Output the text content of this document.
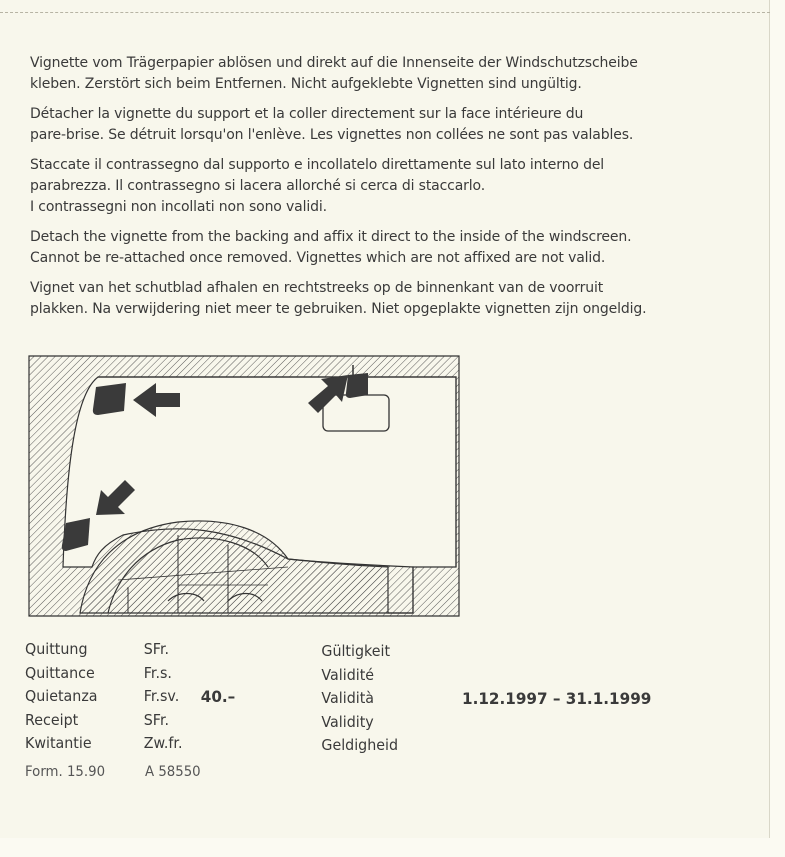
Vignette vom Trägerpapier ablösen und direkt auf die Innenseite der Windschutzscheibe
kleben. Zerstört sich beim Entfernen. Nicht aufgeklebte Vignetten sind ungültig.

Détacher la vignette du support et la coller directement sur la face intérieure du
pare-brise. Se détruit lorsqu'on l'enlève. Les vignettes non collées ne sont pas valables.

Staccate il contrassegno dal supporto e incollatelo direttamente sul lato interno del
parabrezza. Il contrassegno si lacera allorché si cerca di staccarlo.
I contrassegni non incollati non sono validi.

Detach the vignette from the backing and affix it direct to the inside of the windscreen.
Cannot be re-attached once removed. Vignettes which are not affixed are not valid.

Vignet van het schutblad afhalen en rechtstreeks op de binnenkant van de voorruit
plakken. Na verwijdering niet meer te gebruiken. Niet opgeplakte vignetten zijn ongeldig.

Quittung
Quittance
Quietanza
Receipt
Kwitantie
SFr.
Fr.s.
Fr.sv.
SFr.
Zw.fr.
40.–
Gültigkeit
Validité
Validità
Validity
Geldigheid
1.12.1997 – 31.1.1999
Form. 15.90	A 58550
